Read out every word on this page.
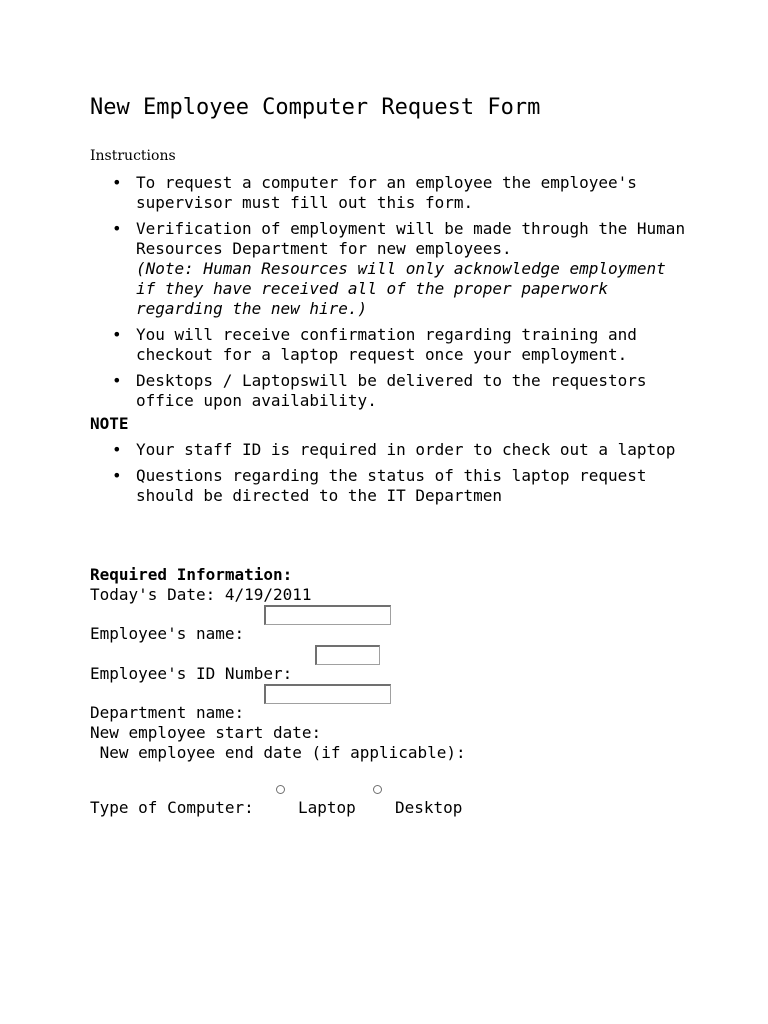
New Employee Computer Request Form
Instructions
• To request a computer for an employee the employee's supervisor must fill out this form.
• Verification of employment will be made through the Human Resources Department for new employees.
(Note: Human Resources will only acknowledge employment if they have received all of the proper paperwork regarding the new hire.)
• You will receive confirmation regarding training and checkout for a laptop request once your employment.
• Desktops / Laptopswill be delivered to the requestors office upon availability.
NOTE
• Your staff ID is required in order to check out a laptop
• Questions regarding the status of this laptop request should be directed to the IT Departmen
Required Information:
Today's Date: 4/19/2011
Employee's name:
Employee's ID Number:
Department name:
New employee start date:
New employee end date (if applicable):
Type of Computer:	Laptop Desktop
